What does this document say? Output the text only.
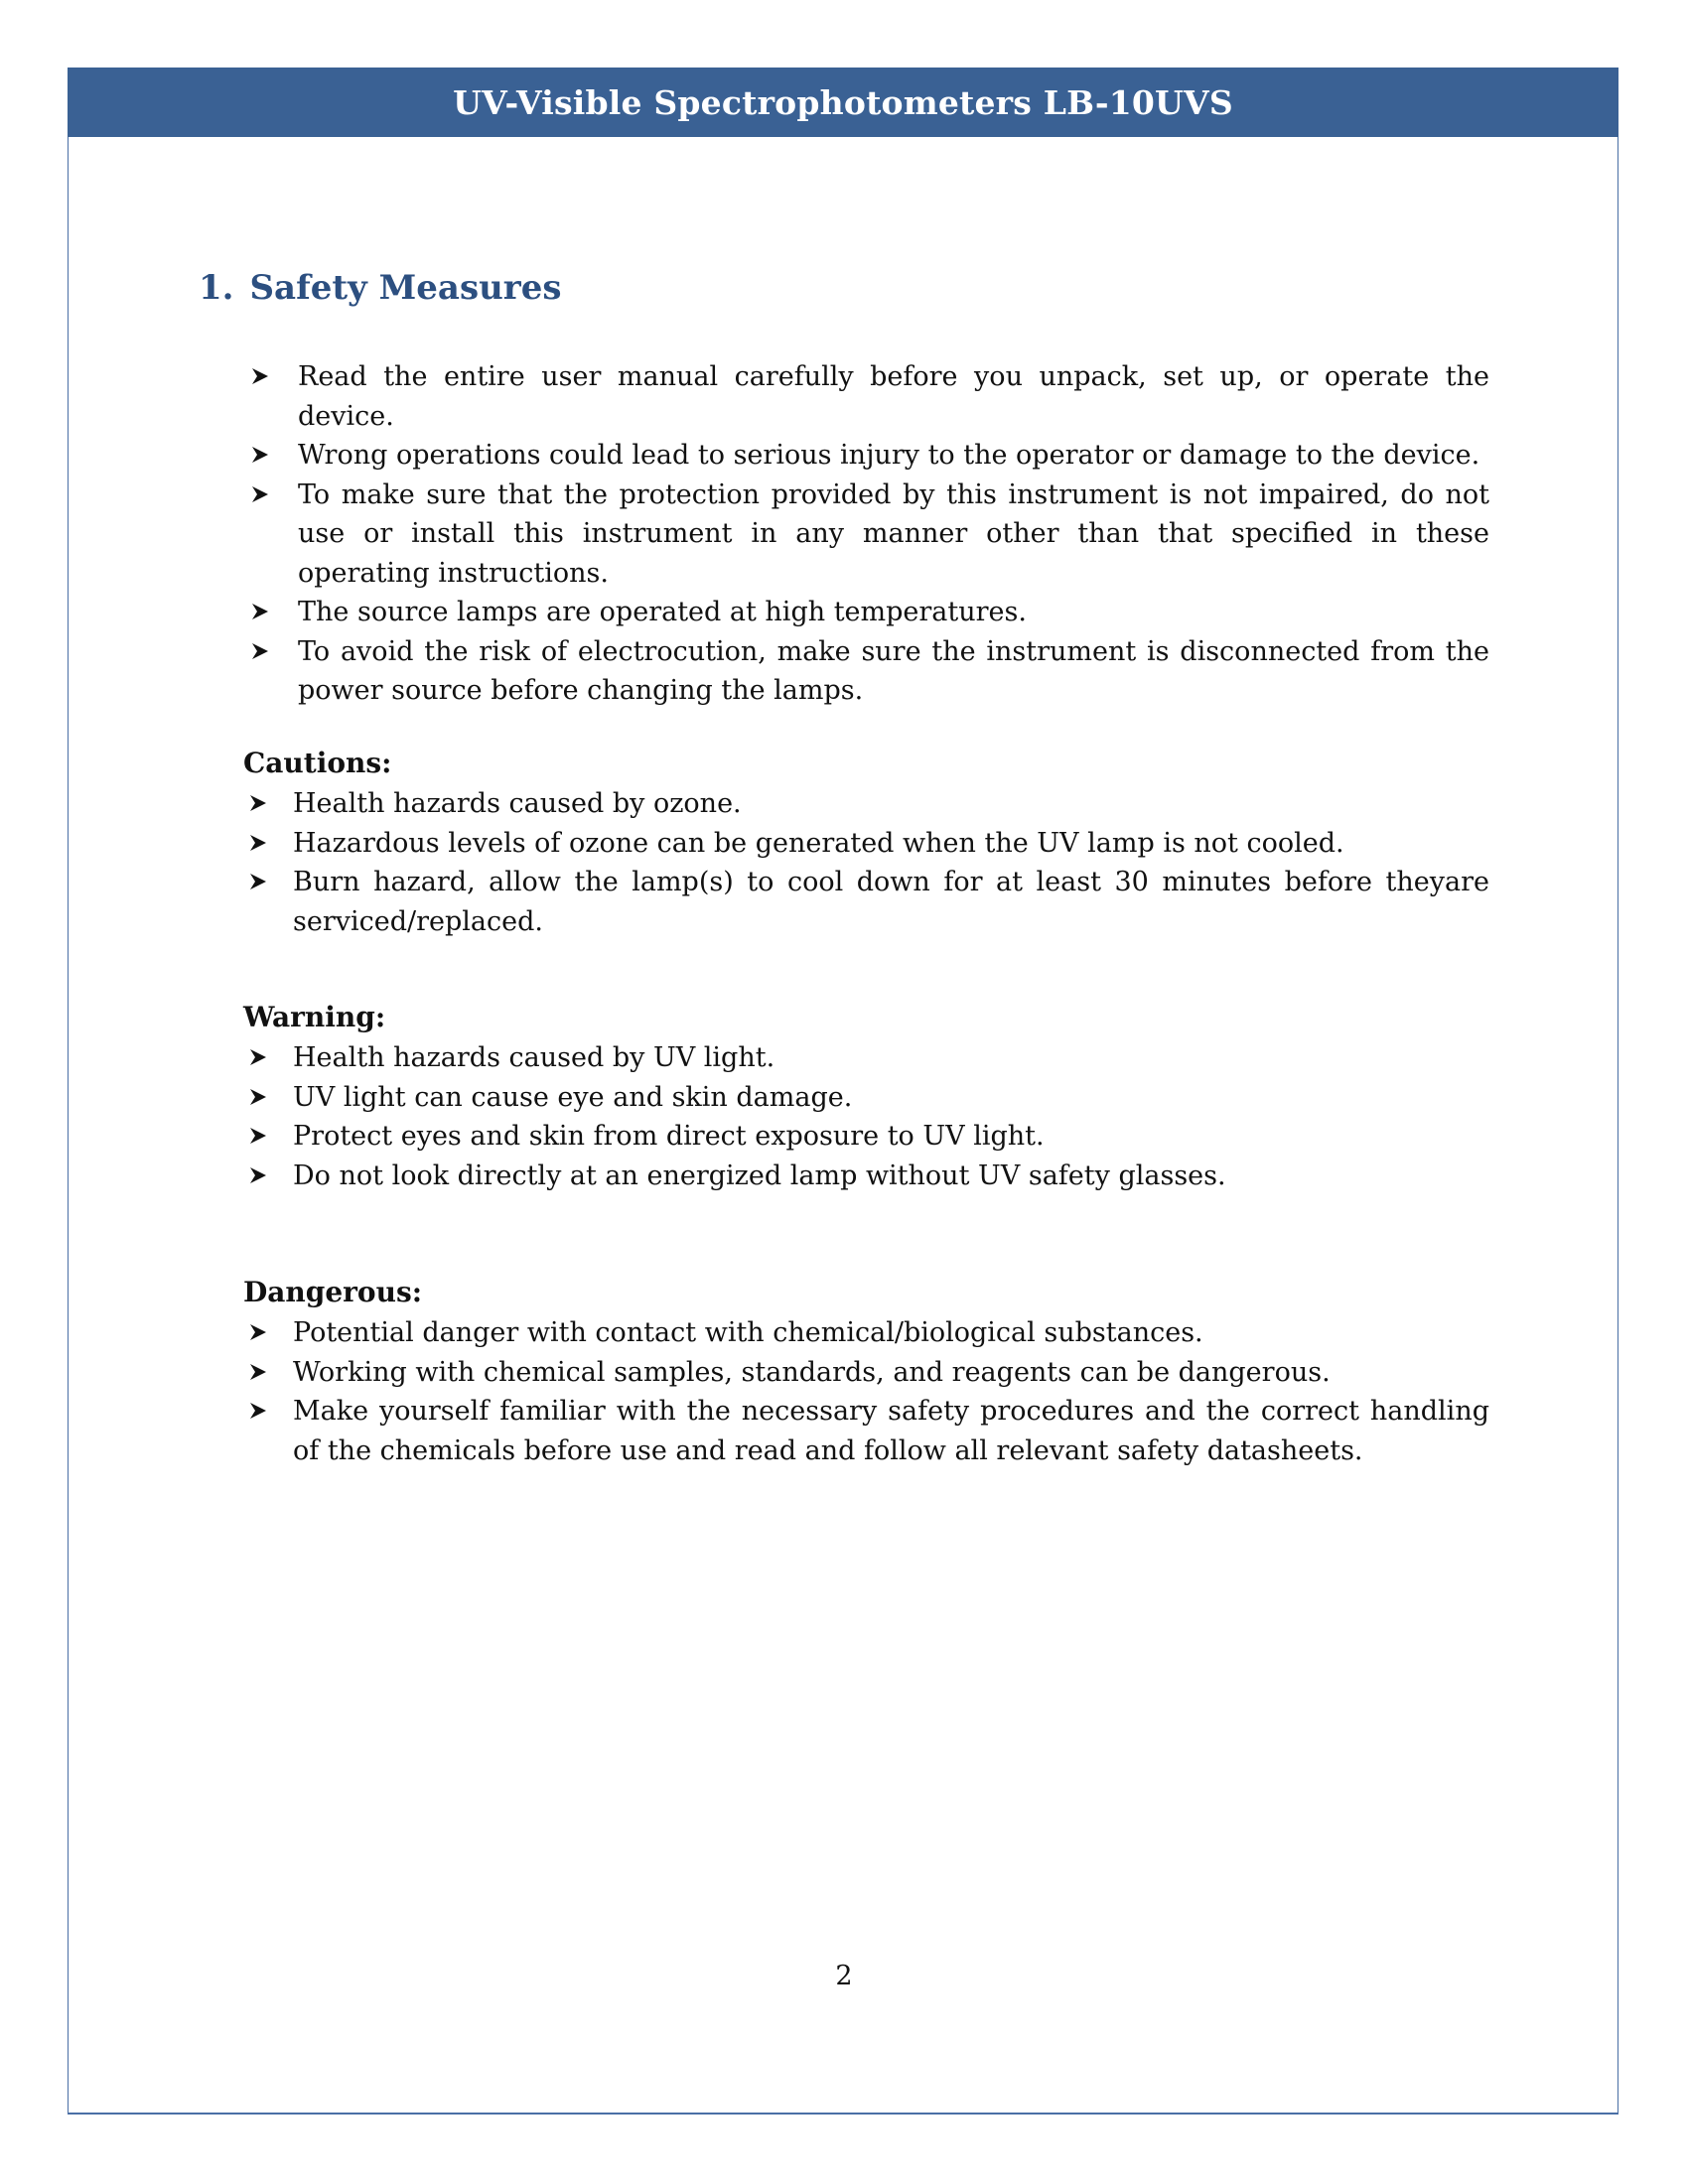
UV-Visible Spectrophotometers LB-10UVS
1. Safety Measures
Read the entire user manual carefully before you unpack, set up, or operate the device.
Wrong operations could lead to serious injury to the operator or damage to the device.
To make sure that the protection provided by this instrument is not impaired, do not use or install this instrument in any manner other than that specified in these operating instructions.
The source lamps are operated at high temperatures.
To avoid the risk of electrocution, make sure the instrument is disconnected from the power source before changing the lamps.
Cautions:
Health hazards caused by ozone.
Hazardous levels of ozone can be generated when the UV lamp is not cooled.
Burn hazard, allow the lamp(s) to cool down for at least 30 minutes before theyare serviced/replaced.
Warning:
Health hazards caused by UV light.
UV light can cause eye and skin damage.
Protect eyes and skin from direct exposure to UV light.
Do not look directly at an energized lamp without UV safety glasses.
Dangerous:
Potential danger with contact with chemical/biological substances.
Working with chemical samples, standards, and reagents can be dangerous.
Make yourself familiar with the necessary safety procedures and the correct handling of the chemicals before use and read and follow all relevant safety datasheets.
2
